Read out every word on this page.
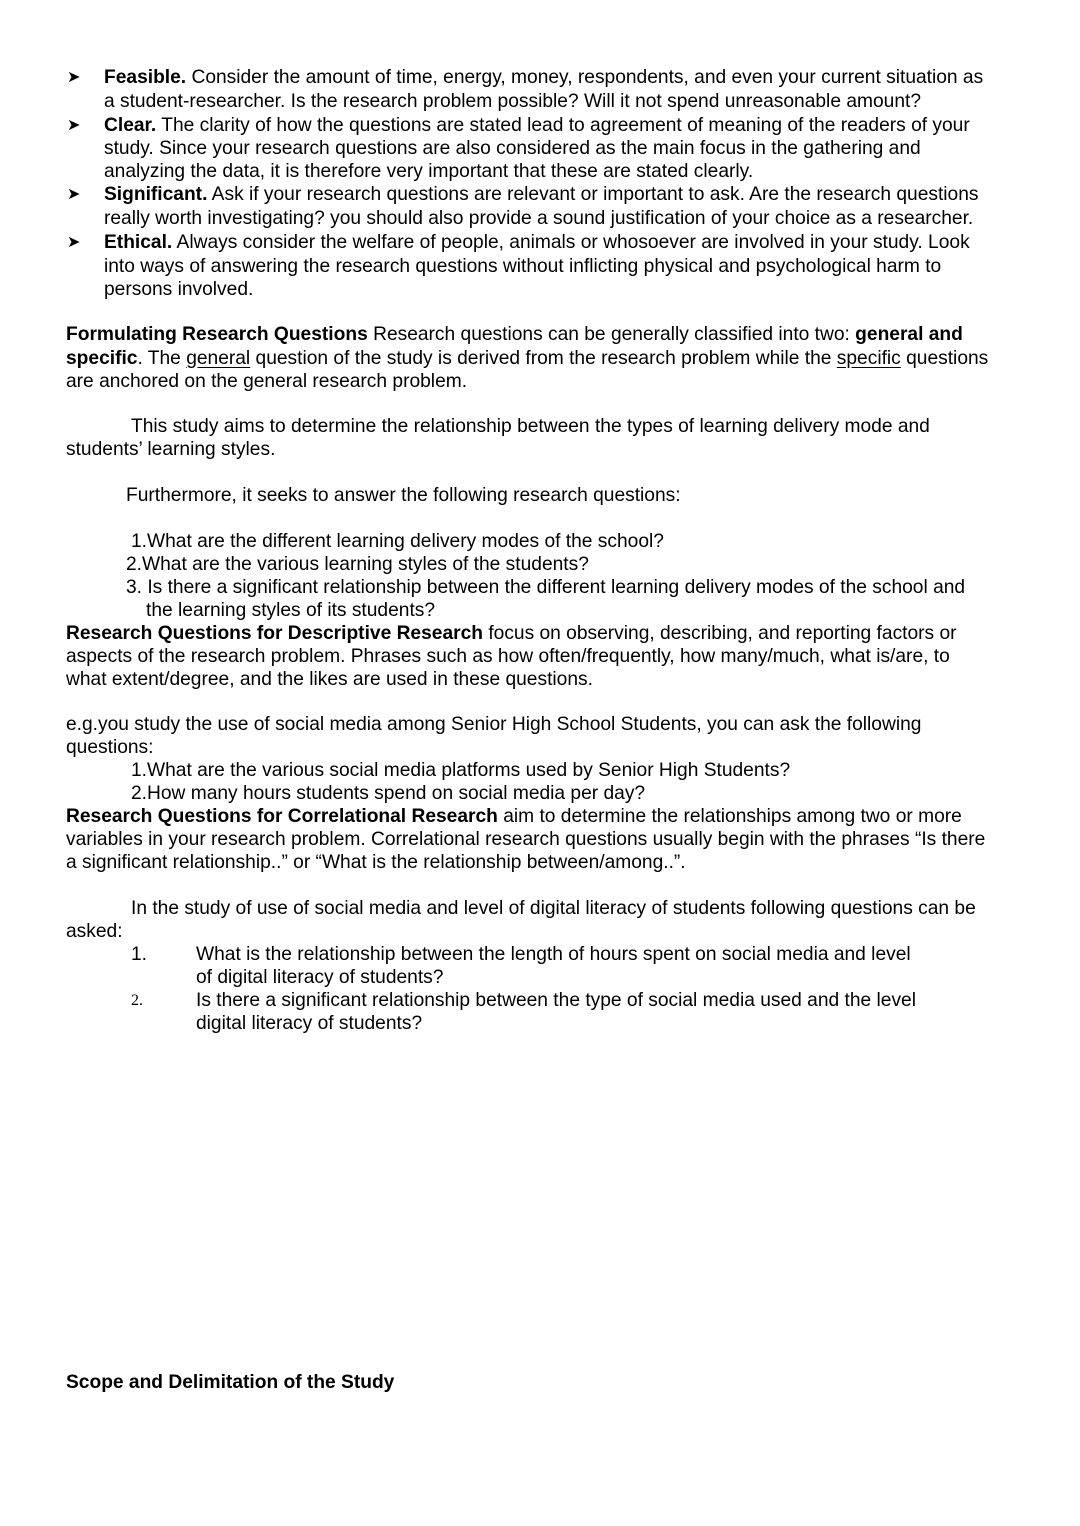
➤ Feasible. Consider the amount of time, energy, money, respondents, and even your current situation as
a student-researcher. Is the research problem possible? Will it not spend unreasonable amount?
➤ Clear. The clarity of how the questions are stated lead to agreement of meaning of the readers of your
study. Since your research questions are also considered as the main focus in the gathering and
analyzing the data, it is therefore very important that these are stated clearly.
➤ Significant. Ask if your research questions are relevant or important to ask. Are the research questions
really worth investigating? you should also provide a sound justification of your choice as a researcher.
➤ Ethical. Always consider the welfare of people, animals or whosoever are involved in your study. Look
into ways of answering the research questions without inflicting physical and psychological harm to
persons involved.
Formulating Research Questions Research questions can be generally classified into two: general and
specific. The general question of the study is derived from the research problem while the specific questions
are anchored on the general research problem.
This study aims to determine the relationship between the types of learning delivery mode and
students’ learning styles.
Furthermore, it seeks to answer the following research questions:
1.What are the different learning delivery modes of the school?
2.What are the various learning styles of the students?
3. Is there a significant relationship between the different learning delivery modes of the school and
the learning styles of its students?
Research Questions for Descriptive Research focus on observing, describing, and reporting factors or
aspects of the research problem. Phrases such as how often/frequently, how many/much, what is/are, to
what extent/degree, and the likes are used in these questions.
e.g.you study the use of social media among Senior High School Students, you can ask the following
questions:
1.What are the various social media platforms used by Senior High Students?
2.How many hours students spend on social media per day?
Research Questions for Correlational Research aim to determine the relationships among two or more
variables in your research problem. Correlational research questions usually begin with the phrases “Is there
a significant relationship..” or “What is the relationship between/among..”.
In the study of use of social media and level of digital literacy of students following questions can be
asked:
1.	What is the relationship between the length of hours spent on social media and level
of digital literacy of students?
2.	Is there a significant relationship between the type of social media used and the level
digital literacy of students?
Scope and Delimitation of the Study
